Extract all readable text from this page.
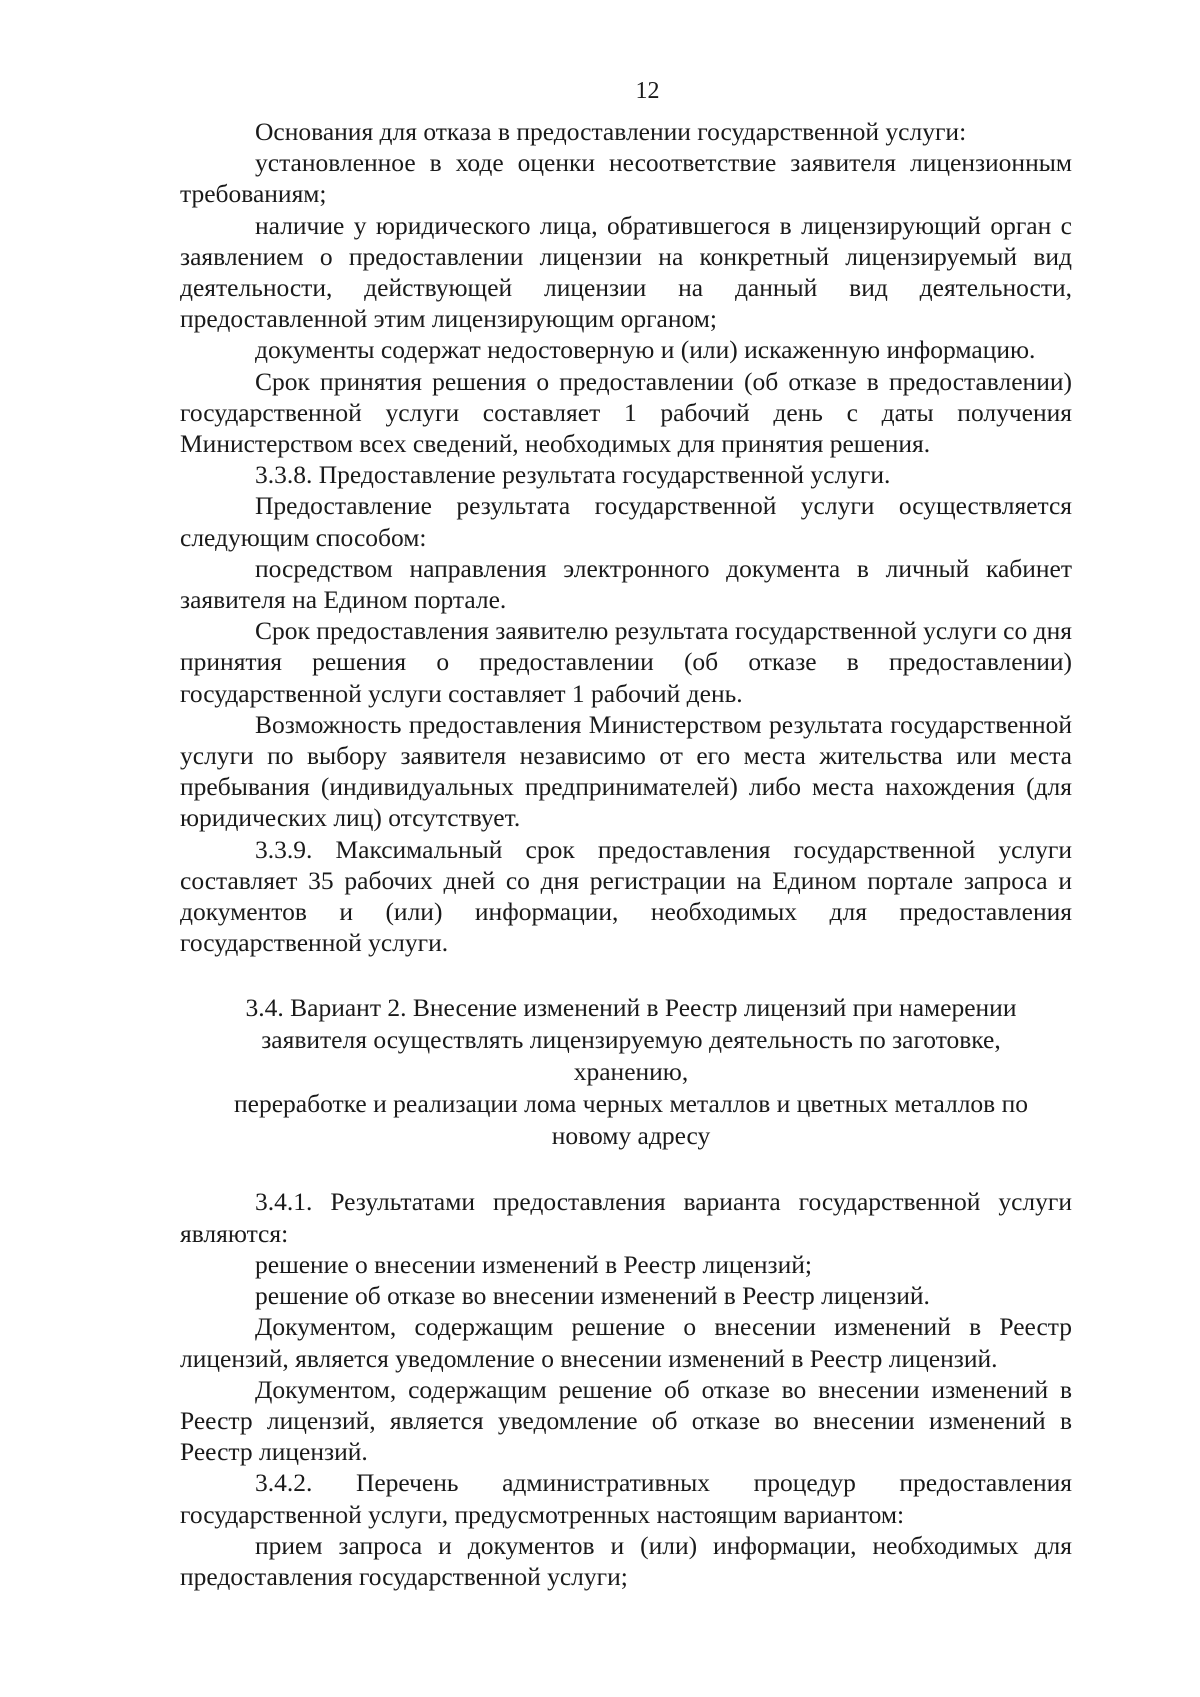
12

Основания для отказа в предоставлении государственной услуги:

установленное в ходе оценки несоответствие заявителя лицензионным требованиям;

наличие у юридического лица, обратившегося в лицензирующий орган с заявлением о предоставлении лицензии на конкретный лицензируемый вид деятельности, действующей лицензии на данный вид деятельности, предоставленной этим лицензирующим органом;

документы содержат недостоверную и (или) искаженную информацию.

Срок принятия решения о предоставлении (об отказе в предоставлении) государственной услуги составляет 1 рабочий день с даты получения Министерством всех сведений, необходимых для принятия решения.

3.3.8. Предоставление результата государственной услуги.

Предоставление результата государственной услуги осуществляется следующим способом:

посредством направления электронного документа в личный кабинет заявителя на Едином портале.

Срок предоставления заявителю результата государственной услуги со дня принятия решения о предоставлении (об отказе в предоставлении) государственной услуги составляет 1 рабочий день.

Возможность предоставления Министерством результата государственной услуги по выбору заявителя независимо от его места жительства или места пребывания (индивидуальных предпринимателей) либо места нахождения (для юридических лиц) отсутствует.

3.3.9. Максимальный срок предоставления государственной услуги составляет 35 рабочих дней со дня регистрации на Едином портале запроса и документов и (или) информации, необходимых для предоставления государственной услуги.

3.4. Вариант 2. Внесение изменений в Реестр лицензий при намерении
заявителя осуществлять лицензируемую деятельность по заготовке, хранению,
переработке и реализации лома черных металлов и цветных металлов по
новому адресу

3.4.1. Результатами предоставления варианта государственной услуги являются:

решение о внесении изменений в Реестр лицензий;

решение об отказе во внесении изменений в Реестр лицензий.

Документом, содержащим решение о внесении изменений в Реестр лицензий, является уведомление о внесении изменений в Реестр лицензий.

Документом, содержащим решение об отказе во внесении изменений в Реестр лицензий, является уведомление об отказе во внесении изменений в Реестр лицензий.

3.4.2. Перечень административных процедур предоставления государственной услуги, предусмотренных настоящим вариантом:

прием запроса и документов и (или) информации, необходимых для предоставления государственной услуги;
